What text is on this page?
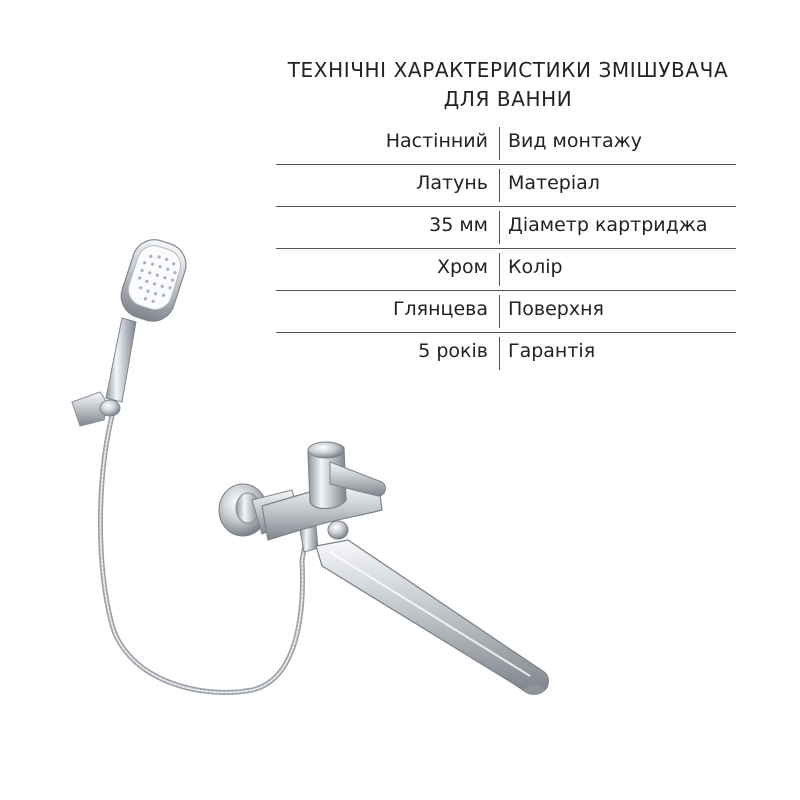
ТЕХНІЧНІ ХАРАКТЕРИСТИКИ ЗМІШУВАЧА
ДЛЯ ВАННИ
Настінний Вид монтажу
Латунь Матеріал
35 мм Діаметр картриджа
Хром Колір
Глянцева Поверхня
5 років Гарантія
